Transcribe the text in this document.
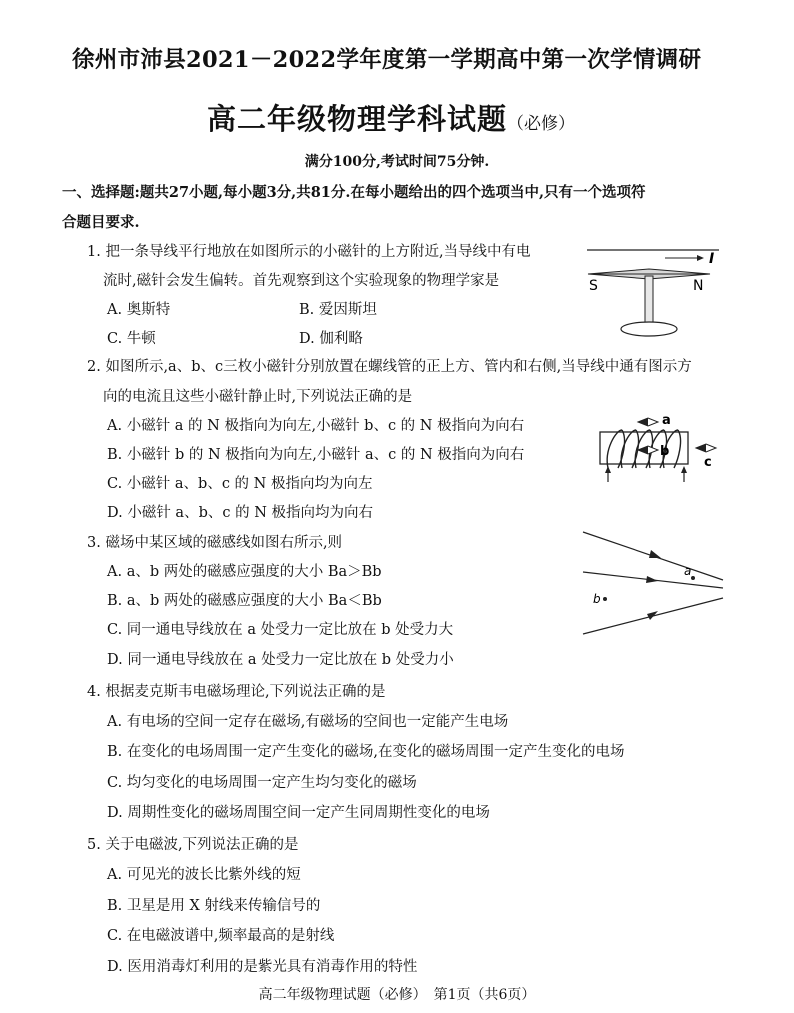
徐州市沛县2021－2022学年度第一学期高中第一次学情调研
高二年级物理学科试题（必修）
满分100分,考试时间75分钟.
一、选择题:题共27小题,每小题3分,共81分.在每小题给出的四个选项当中,只有一个选项符
合题目要求.
1. 把一条导线平行地放在如图所示的小磁针的上方附近,当导线中有电
流时,磁针会发生偏转。首先观察到这个实验现象的物理学家是
A. 奥斯特	B. 爱因斯坦
C. 牛顿	D. 伽利略
I
S	N
2. 如图所示,a、b、c三枚小磁针分别放置在螺线管的正上方、管内和右侧,当导线中通有图示方
向的电流且这些小磁针静止时,下列说法正确的是
A. 小磁针 a 的 N 极指向为向左,小磁针 b、c 的 N 极指向为向右
B. 小磁针 b 的 N 极指向为向左,小磁针 a、c 的 N 极指向为向右
C. 小磁针 a、b、c 的 N 极指向均为向左
D. 小磁针 a、b、c 的 N 极指向均为向右
a
b
c
3. 磁场中某区域的磁感线如图右所示,则
A. a、b 两处的磁感应强度的大小 Ba＞Bb
B. a、b 两处的磁感应强度的大小 Ba＜Bb
C. 同一通电导线放在 a 处受力一定比放在 b 处受力大
D. 同一通电导线放在 a 处受力一定比放在 b 处受力小
a
b
4. 根据麦克斯韦电磁场理论,下列说法正确的是
A. 有电场的空间一定存在磁场,有磁场的空间也一定能产生电场
B. 在变化的电场周围一定产生变化的磁场,在变化的磁场周围一定产生变化的电场
C. 均匀变化的电场周围一定产生均匀变化的磁场
D. 周期性变化的磁场周围空间一定产生同周期性变化的电场
5. 关于电磁波,下列说法正确的是
A. 可见光的波长比紫外线的短
B. 卫星是用 X 射线来传输信号的
C. 在电磁波谱中,频率最高的是射线
D. 医用消毒灯利用的是紫光具有消毒作用的特性
高二年级物理试题（必修）　第1页（共6页）
